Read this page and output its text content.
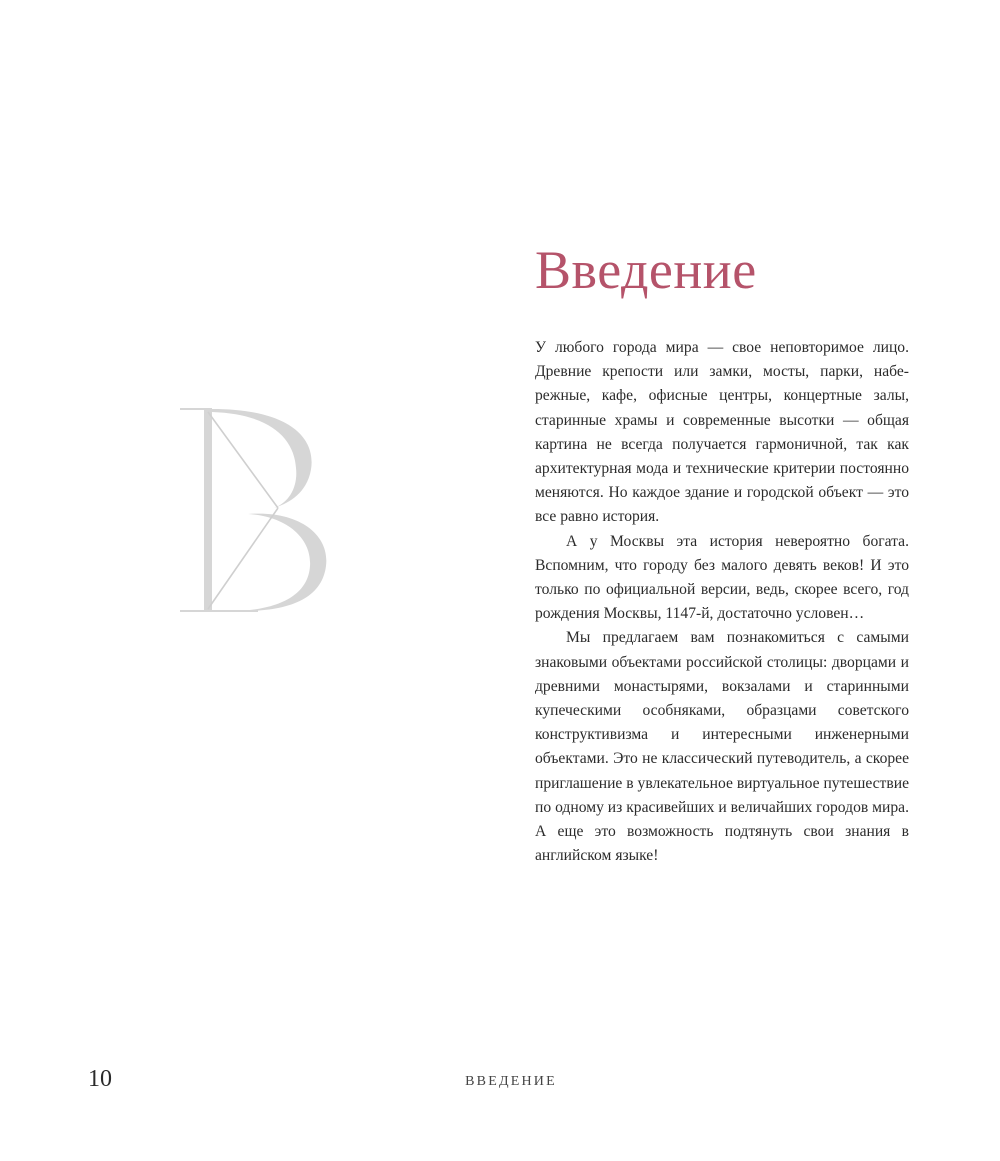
Введение

У любого города мира — свое неповторимое лицо. Древние крепости или замки, мосты, парки, набережные, кафе, офисные центры, концертные залы, старинные храмы и современные высотки — общая картина не всегда получается гармоничной, так как архитектурная мода и технические критерии постоянно меняются. Но каждое здание и городской объект — это все равно история.

А у Москвы эта история невероятно богата. Вспомним, что городу без малого девять веков! И это только по официальной версии, ведь, скорее всего, год рождения Москвы, 1147-й, достаточно условен…

Мы предлагаем вам познакомиться с самыми знаковыми объектами российской столицы: дворцами и древними монастырями, вокзалами и старинными купеческими особняками, образцами советского конструктивизма и интересными инженерными объектами. Это не классический путеводитель, а скорее приглашение в увлекательное виртуальное путешествие по одному из красивейших и величайших городов мира. А еще это возможность подтянуть свои знания в английском языке!

10	ВВЕДЕНИЕ
